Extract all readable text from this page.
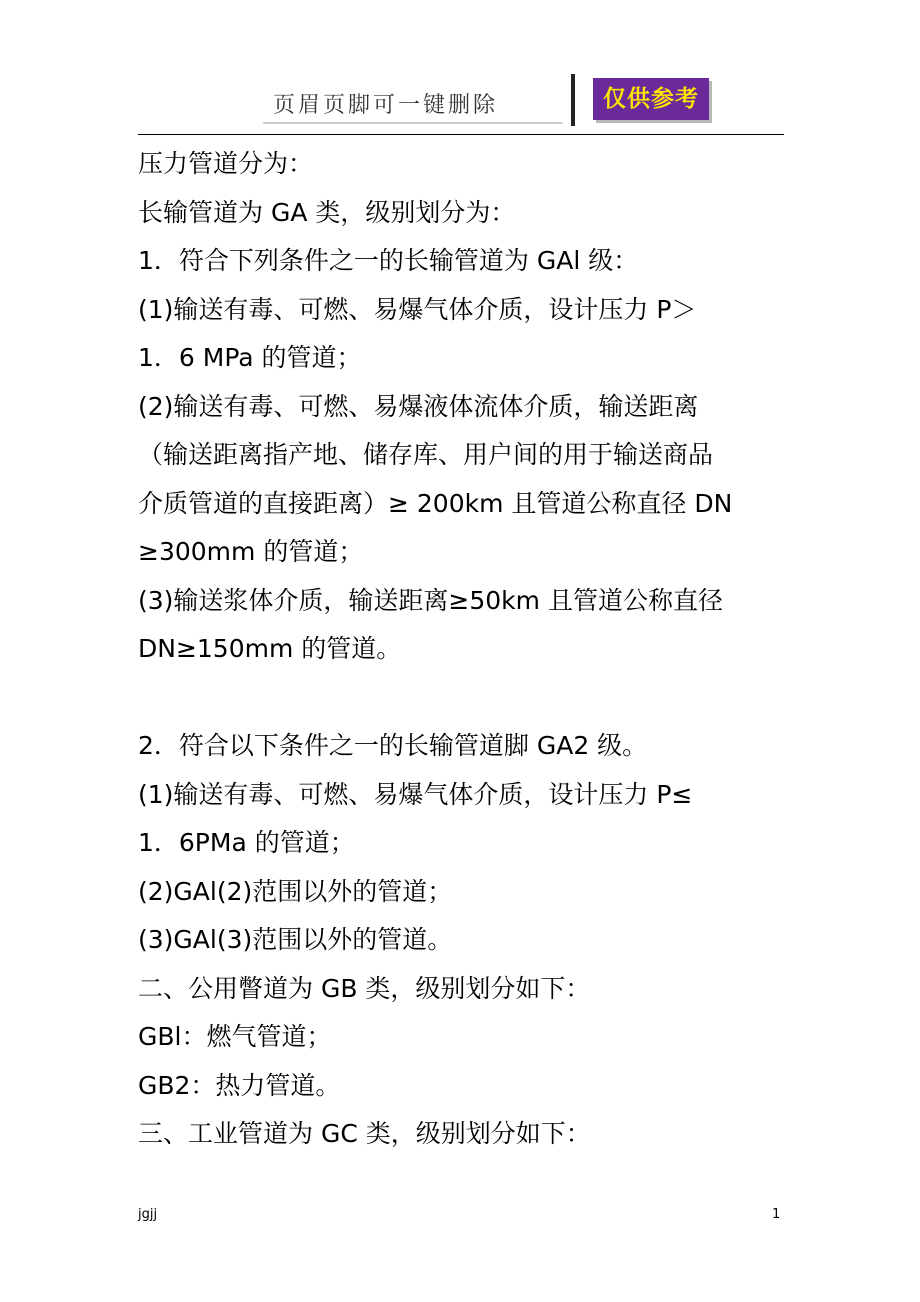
页眉页脚可一键删除	仅供参考
压力管道分为：
长输管道为 GA 类，级别划分为：
1．符合下列条件之一的长输管道为 GAl 级：
(1)输送有毒、可燃、易爆气体介质，设计压力 P＞
1．6 MPa 的管道；
(2)输送有毒、可燃、易爆液体流体介质，输送距离
（输送距离指产地、储存库、用户间的用于输送商品
介质管道的直接距离）≥ 200km 且管道公称直径 DN
≥300mm 的管道；
(3)输送浆体介质，输送距离≥50km 且管道公称直径
DN≥150mm 的管道。
2．符合以下条件之一的长输管道脚 GA2 级。
(1)输送有毒、可燃、易爆气体介质，设计压力 P≤
1．6PMa 的管道；
(2)GAl(2)范围以外的管道；
(3)GAl(3)范围以外的管道。
二、公用瞥道为 GB 类，级别划分如下：
GBl：燃气管道；
GB2：热力管道。
三、工业管道为 GC 类，级别划分如下：
jgjj	1
